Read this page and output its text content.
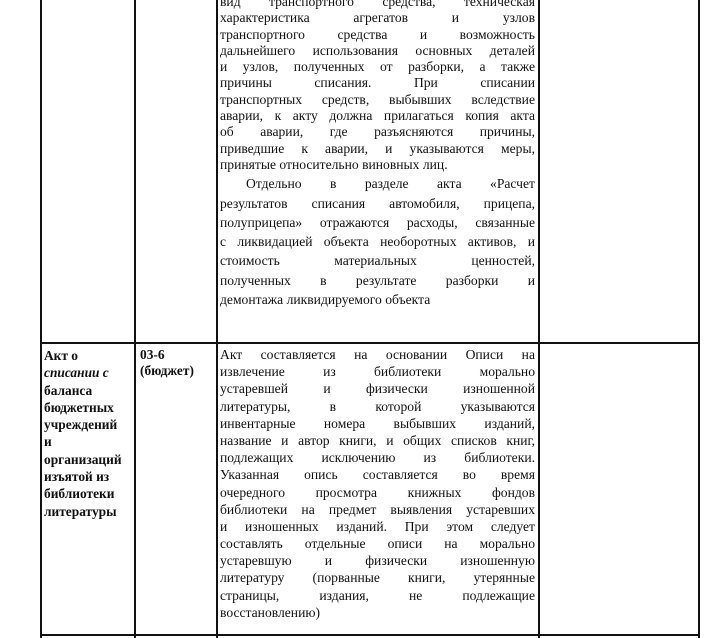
вид транспортного средства, техническая
характеристика агрегатов и узлов
транспортного средства и возможность
дальнейшего использования основных деталей
и узлов, полученных от разборки, а также
причины списания. При списании
транспортных средств, выбывших вследствие
аварии, к акту должна прилагаться копия акта
об аварии, где разъясняются причины,
приведшие к аварии, и указываются меры,
принятые относительно виновных лиц.
Отдельно в разделе акта «Расчет
результатов списания автомобиля, прицепа,
полуприцепа» отражаются расходы, связанные
с ликвидацией объекта необоротных активов, и
стоимость материальных ценностей,
полученных в результате разборки и
демонтажа ликвидируемого объекта
Акт о
списании с
баланса
бюджетных
учреждений
и
организаций
изъятой из
библиотеки
литературы
03-6
(бюджет)
Акт составляется на основании Описи на
извлечение из библиотеки морально
устаревшей и физически изношенной
литературы, в которой указываются
инвентарные номера выбывших изданий,
название и автор книги, и общих списков книг,
подлежащих исключению из библиотеки.
Указанная опись составляется во время
очередного просмотра книжных фондов
библиотеки на предмет выявления устаревших
и изношенных изданий. При этом следует
составлять отдельные описи на морально
устаревшую и физически изношенную
литературу (порванные книги, утерянные
страницы, издания, не подлежащие
восстановлению)
